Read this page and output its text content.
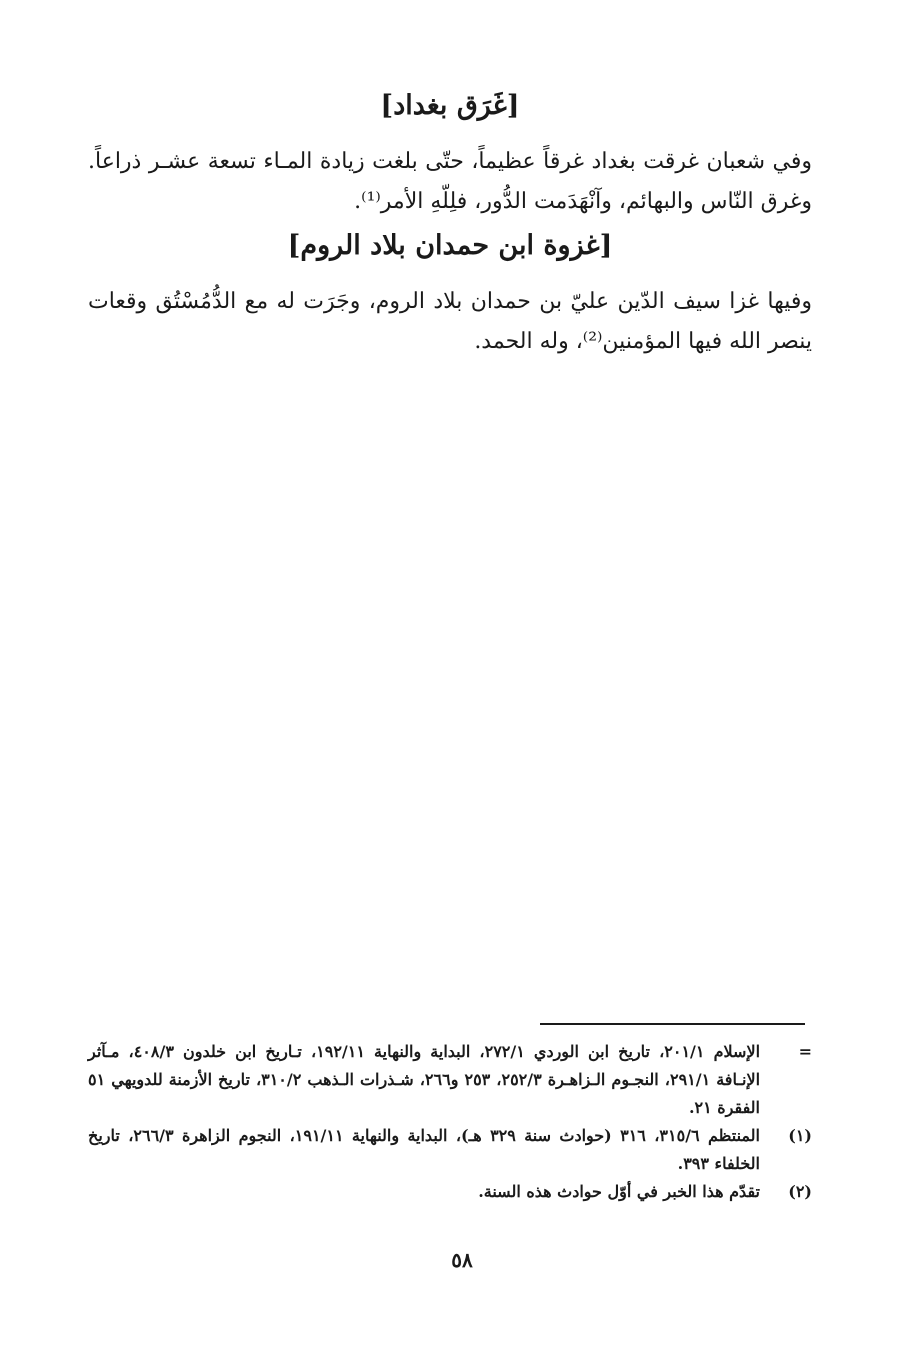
[غَرَق بغداد]

وفي شعبان غرقت بغداد غرقاً عظيماً، حتّى بلغت زيادة المـاء تسعة عشـر ذراعاً. وغرق النّاس والبهائم، وآنْهَدَمت الدُّور، فلِلّهِ الأمر⁽¹⁾.

[غزوة ابن حمدان بلاد الروم]

وفيها غزا سيف الدّين عليّ بن حمدان بلاد الروم، وجَرَت له مع الدُّمُسْتُق وقعات ينصر الله فيها المؤمنين⁽²⁾، وله الحمد.

=
الإسلام ٢٠١/١، تاريخ ابن الوردي ٢٧٢/١، البداية والنهاية ١٩٢/١١، تـاريخ ابن خلدون ٤٠٨/٣، مـآثر الإنـافة ٢٩١/١، النجـوم الـزاهـرة ٢٥٢/٣، ٢٥٣ و٢٦٦، شـذرات الـذهب ٣١٠/٢، تاريخ الأزمنة للدويهي ٥١ الفقرة ٢١.
(١)
المنتظم ٣١٥/٦، ٣١٦ (حوادث سنة ٣٢٩ هـ)، البداية والنهاية ١٩١/١١، النجوم الزاهرة ٢٦٦/٣، تاريخ الخلفاء ٣٩٣.
(٢)
تقدّم هذا الخبر في أوّل حوادث هذه السنة.
٥٨
